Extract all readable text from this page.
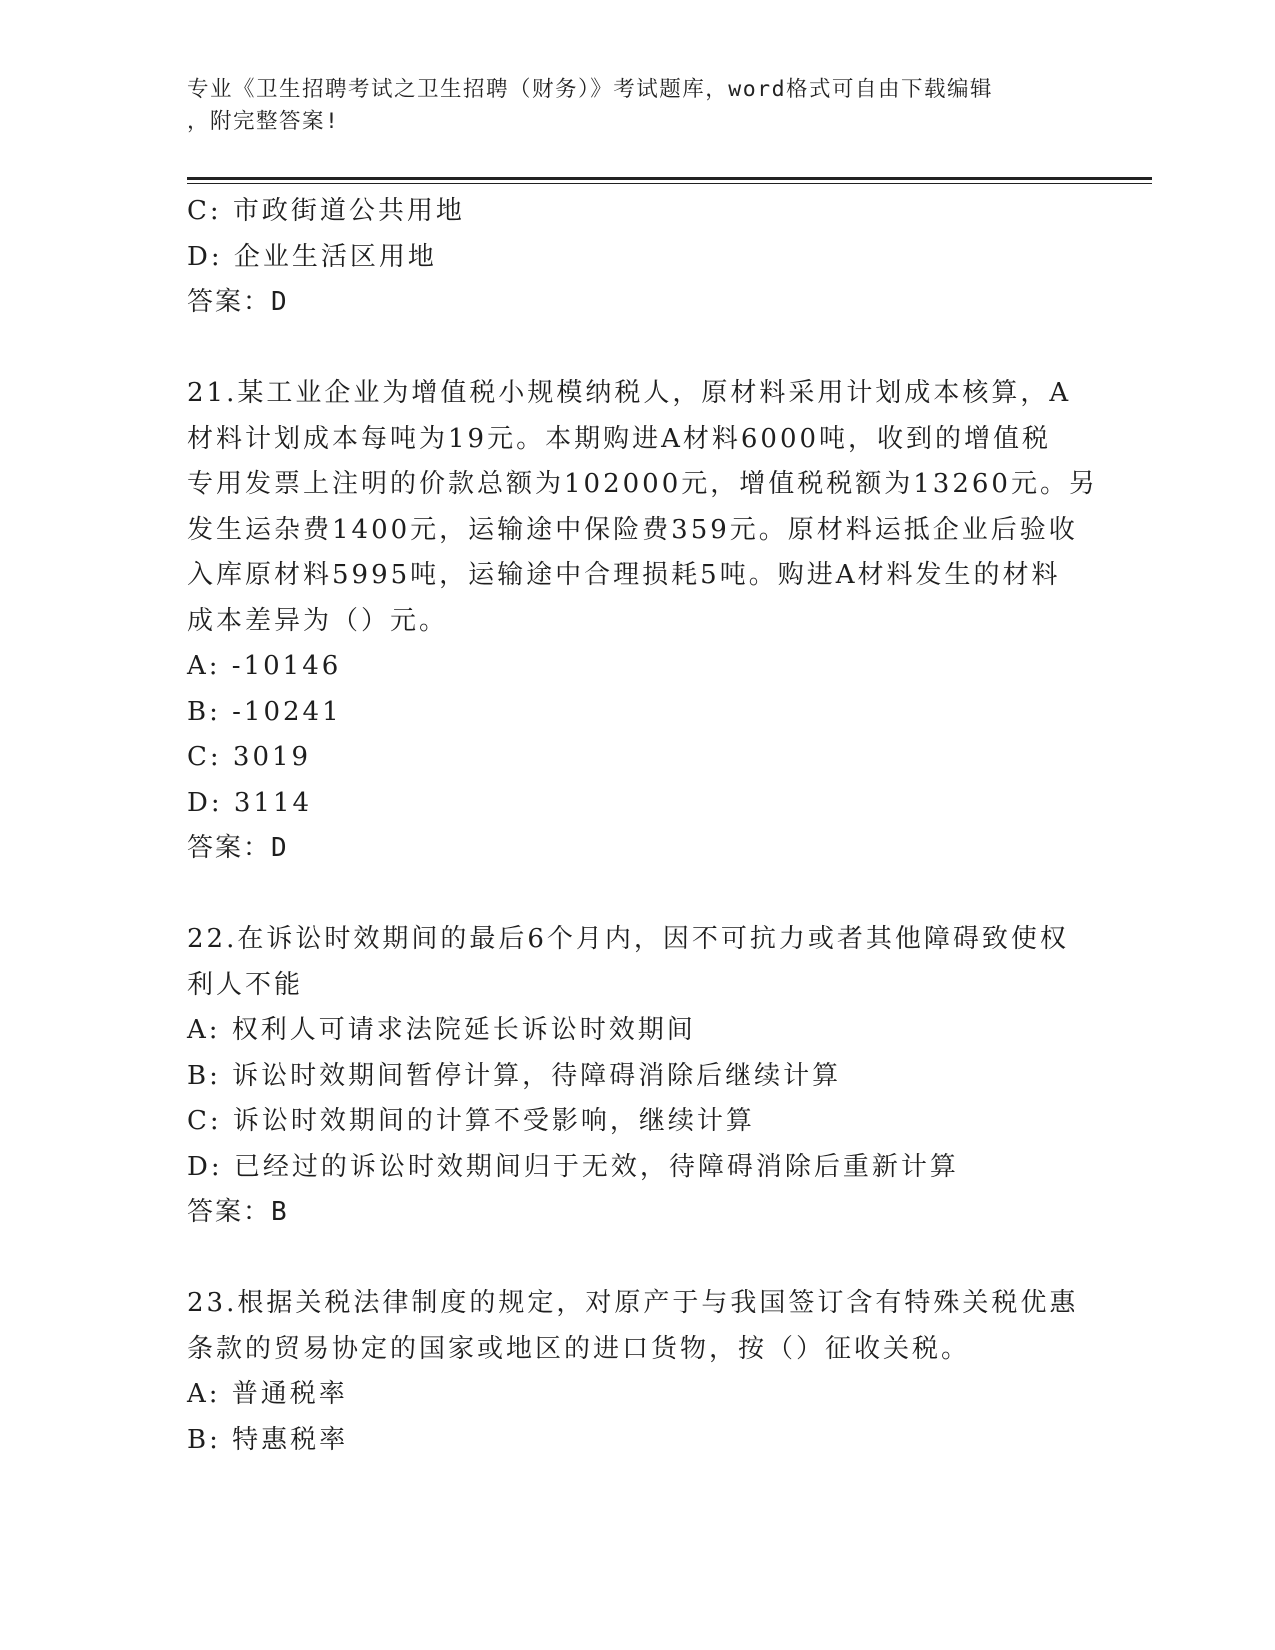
专业《卫生招聘考试之卫生招聘（财务）》考试题库，word格式可自由下载编辑
，附完整答案!
C: 市政街道公共用地
D: 企业生活区用地
答案：D
21.某工业企业为增值税小规模纳税人，原材料采用计划成本核算，A
材料计划成本每吨为19元。本期购进A材料6000吨，收到的增值税
专用发票上注明的价款总额为102000元，增值税税额为13260元。另
发生运杂费1400元，运输途中保险费359元。原材料运抵企业后验收
入库原材料5995吨，运输途中合理损耗5吨。购进A材料发生的材料
成本差异为（）元。
A: -10146
B: -10241
C: 3019
D: 3114
答案：D
22.在诉讼时效期间的最后6个月内，因不可抗力或者其他障碍致使权
利人不能
A: 权利人可请求法院延长诉讼时效期间
B: 诉讼时效期间暂停计算，待障碍消除后继续计算
C: 诉讼时效期间的计算不受影响，继续计算
D: 已经过的诉讼时效期间归于无效，待障碍消除后重新计算
答案：B
23.根据关税法律制度的规定，对原产于与我国签订含有特殊关税优惠
条款的贸易协定的国家或地区的进口货物，按（）征收关税。
A: 普通税率
B: 特惠税率
